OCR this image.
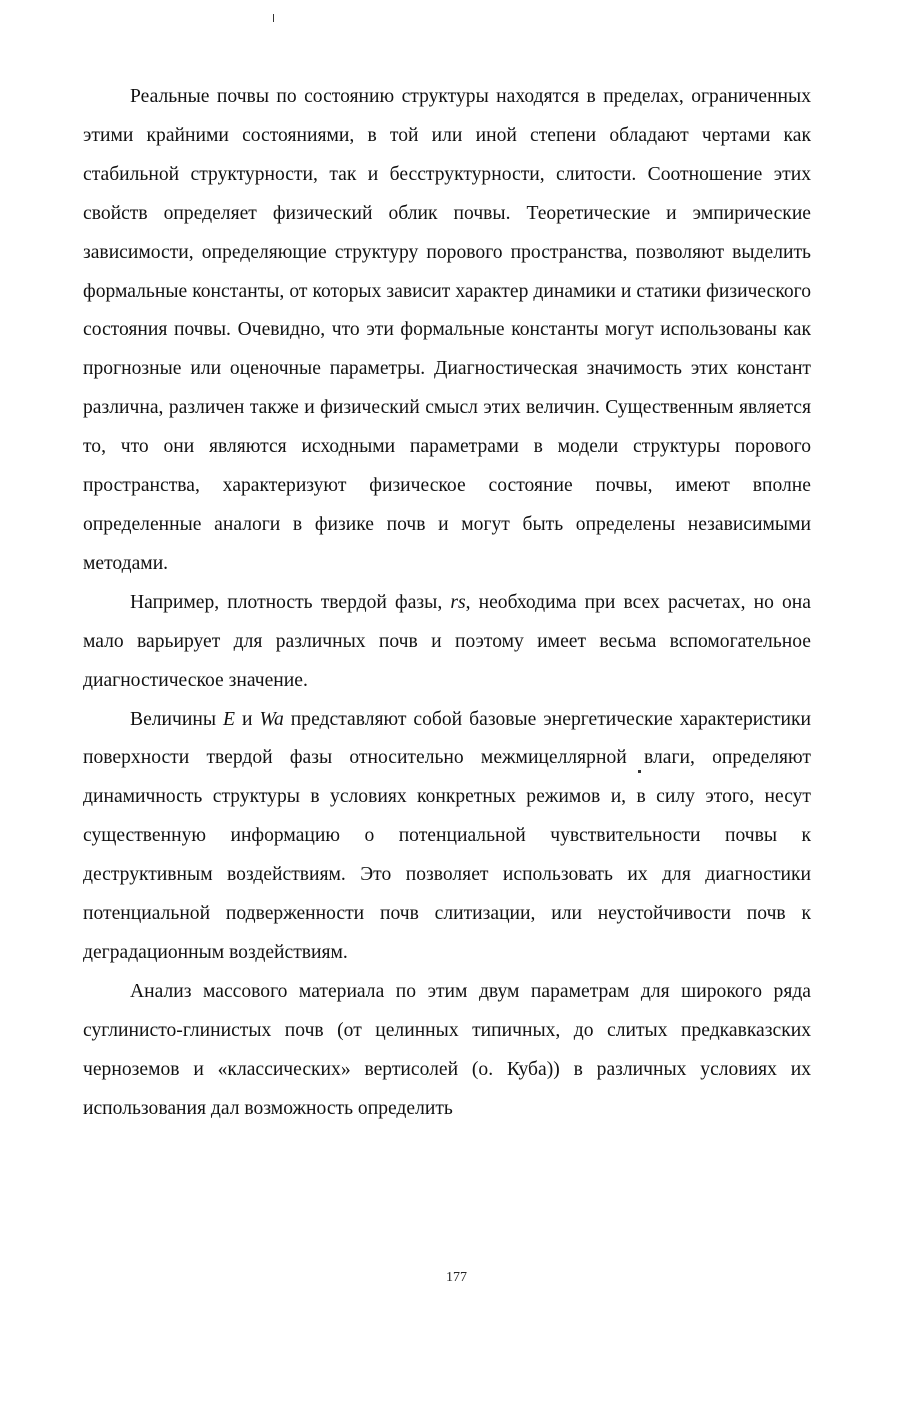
Реальные почвы по состоянию структуры находятся в пределах, ограниченных этими крайними состояниями, в той или иной степени обладают чертами как стабильной структурности, так и бесструктурности, слитости. Соотношение этих свойств определяет физический облик почвы. Теоретические и эмпирические зависимости, определяющие структуру порового пространства, позволяют выделить формальные константы, от которых зависит характер динамики и статики физического состояния почвы. Очевидно, что эти формальные константы могут использованы как прогнозные или оценочные параметры. Диагностическая значимость этих констант различна, различен также и физический смысл этих величин. Существенным является то, что они являются исходными параметрами в модели структуры порового пространства, характеризуют физическое состояние почвы, имеют вполне определенные аналоги в физике почв и могут быть определены независимыми методами.

Например, плотность твердой фазы, rs, необходима при всех расчетах, но она мало варьирует для различных почв и поэтому имеет весьма вспомогательное диагностическое значение.

Величины E и Wa представляют собой базовые энергетические характеристики поверхности твердой фазы относительно межмицеллярной влаги, определяют динамичность структуры в условиях конкретных режимов и, в силу этого, несут существенную информацию о потенциальной чувствительности почвы к деструктивным воздействиям. Это позволяет использовать их для диагностики потенциальной подверженности почв слитизации, или неустойчивости почв к деградационным воздействиям.

Анализ массового материала по этим двум параметрам для широкого ряда суглинисто-глинистых почв (от целинных типичных, до слитых предкавказских черноземов и «классических» вертисолей (о. Куба)) в различных условиях их использования дал возможность определить

177
